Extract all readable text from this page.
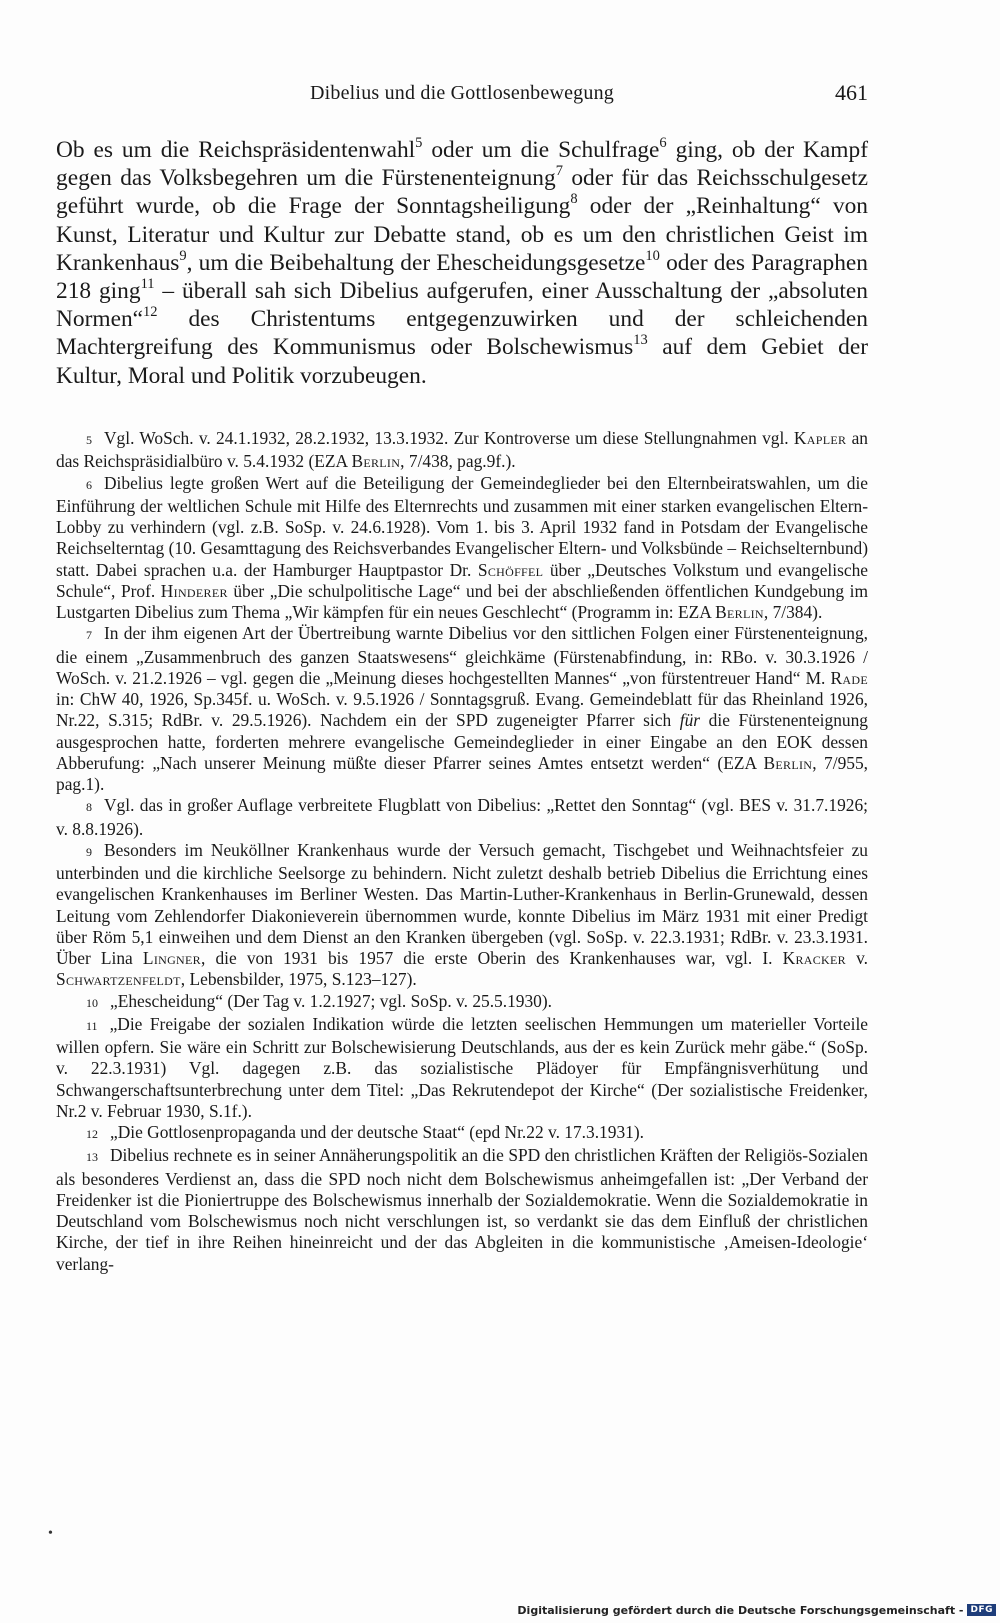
Dibelius und die Gottlosenbewegung	461

Ob es um die Reichspräsidentenwahl$^5$ oder um die Schulfrage$^6$ ging, ob der Kampf gegen das Volksbegehren um die Fürstenenteignung$^7$ oder für das Reichsschulgesetz geführt wurde, ob die Frage der Sonntagsheiligung$^8$ oder der „Reinhaltung“ von Kunst, Literatur und Kultur zur Debatte stand, ob es um den christlichen Geist im Krankenhaus$^9$, um die Beibehaltung der Ehescheidungsgesetze$^{10}$ oder des Paragraphen 218 ging$^{11}$ – überall sah sich Dibelius aufgerufen, einer Ausschaltung der „absoluten Normen“$^{12}$ des Christentums entgegenzuwirken und der schleichenden Machtergreifung des Kommunismus oder Bolschewismus$^{13}$ auf dem Gebiet der Kultur, Moral und Politik vorzubeugen.

5 Vgl. WoSch. v. 24.1.1932, 28.2.1932, 13.3.1932. Zur Kontroverse um diese Stellungnahmen vgl. Kapler an das Reichspräsidialbüro v. 5.4.1932 (EZA Berlin, 7/438, pag.9f.).

6 Dibelius legte großen Wert auf die Beteiligung der Gemeindeglieder bei den Elternbeiratswahlen, um die Einführung der weltlichen Schule mit Hilfe des Elternrechts und zusammen mit einer starken evangelischen Eltern-Lobby zu verhindern (vgl. z.B. SoSp. v. 24.6.1928). Vom 1. bis 3. April 1932 fand in Potsdam der Evangelische Reichselterntag (10. Gesamttagung des Reichsverbandes Evangelischer Eltern- und Volksbünde – Reichselternbund) statt. Dabei sprachen u.a. der Hamburger Hauptpastor Dr. Schöffel über „Deutsches Volkstum und evangelische Schule“, Prof. Hinderer über „Die schulpolitische Lage“ und bei der abschließenden öffentlichen Kundgebung im Lustgarten Dibelius zum Thema „Wir kämpfen für ein neues Geschlecht“ (Programm in: EZA Berlin, 7/384).

7 In der ihm eigenen Art der Übertreibung warnte Dibelius vor den sittlichen Folgen einer Fürstenenteignung, die einem „Zusammenbruch des ganzen Staatswesens“ gleichkäme (Fürstenabfindung, in: RBo. v. 30.3.1926 / WoSch. v. 21.2.1926 – vgl. gegen die „Meinung dieses hochgestellten Mannes“ „von fürstentreuer Hand“ M. Rade in: ChW 40, 1926, Sp.345f. u. WoSch. v. 9.5.1926 / Sonntagsgruß. Evang. Gemeindeblatt für das Rheinland 1926, Nr.22, S.315; RdBr. v. 29.5.1926). Nachdem ein der SPD zugeneigter Pfarrer sich für die Fürstenenteignung ausgesprochen hatte, forderten mehrere evangelische Gemeindeglieder in einer Eingabe an den EOK dessen Abberufung: „Nach unserer Meinung müßte dieser Pfarrer seines Amtes entsetzt werden“ (EZA Berlin, 7/955, pag.1).

8 Vgl. das in großer Auflage verbreitete Flugblatt von Dibelius: „Rettet den Sonntag“ (vgl. BES v. 31.7.1926; v. 8.8.1926).

9 Besonders im Neuköllner Krankenhaus wurde der Versuch gemacht, Tischgebet und Weihnachtsfeier zu unterbinden und die kirchliche Seelsorge zu behindern. Nicht zuletzt deshalb betrieb Dibelius die Errichtung eines evangelischen Krankenhauses im Berliner Westen. Das Martin-Luther-Krankenhaus in Berlin-Grunewald, dessen Leitung vom Zehlendorfer Diakonieverein übernommen wurde, konnte Dibelius im März 1931 mit einer Predigt über Röm 5,1 einweihen und dem Dienst an den Kranken übergeben (vgl. SoSp. v. 22.3.1931; RdBr. v. 23.3.1931. Über Lina Lingner, die von 1931 bis 1957 die erste Oberin des Krankenhauses war, vgl. I. Kracker v. Schwartzenfeldt, Lebensbilder, 1975, S.123–127).

10 „Ehescheidung“ (Der Tag v. 1.2.1927; vgl. SoSp. v. 25.5.1930).

11 „Die Freigabe der sozialen Indikation würde die letzten seelischen Hemmungen um materieller Vorteile willen opfern. Sie wäre ein Schritt zur Bolschewisierung Deutschlands, aus der es kein Zurück mehr gäbe.“ (SoSp. v. 22.3.1931) Vgl. dagegen z.B. das sozialistische Plädoyer für Empfängnisverhütung und Schwangerschaftsunterbrechung unter dem Titel: „Das Rekrutendepot der Kirche“ (Der sozialistische Freidenker, Nr.2 v. Februar 1930, S.1f.).

12 „Die Gottlosenpropaganda und der deutsche Staat“ (epd Nr.22 v. 17.3.1931).

13 Dibelius rechnete es in seiner Annäherungspolitik an die SPD den christlichen Kräften der Religiös-Sozialen als besonderes Verdienst an, dass die SPD noch nicht dem Bolschewismus anheimgefallen ist: „Der Verband der Freidenker ist die Pioniertruppe des Bolschewismus innerhalb der Sozialdemokratie. Wenn die Sozialdemokratie in Deutschland vom Bolschewismus noch nicht verschlungen ist, so verdankt sie das dem Einfluß der christlichen Kirche, der tief in ihre Reihen hineinreicht und der das Abgleiten in die kommunistische ‚Ameisen-Ideologie‘ verlang-

•
Digitalisierung gefördert durch die Deutsche Forschungsgemeinschaft - DFG
